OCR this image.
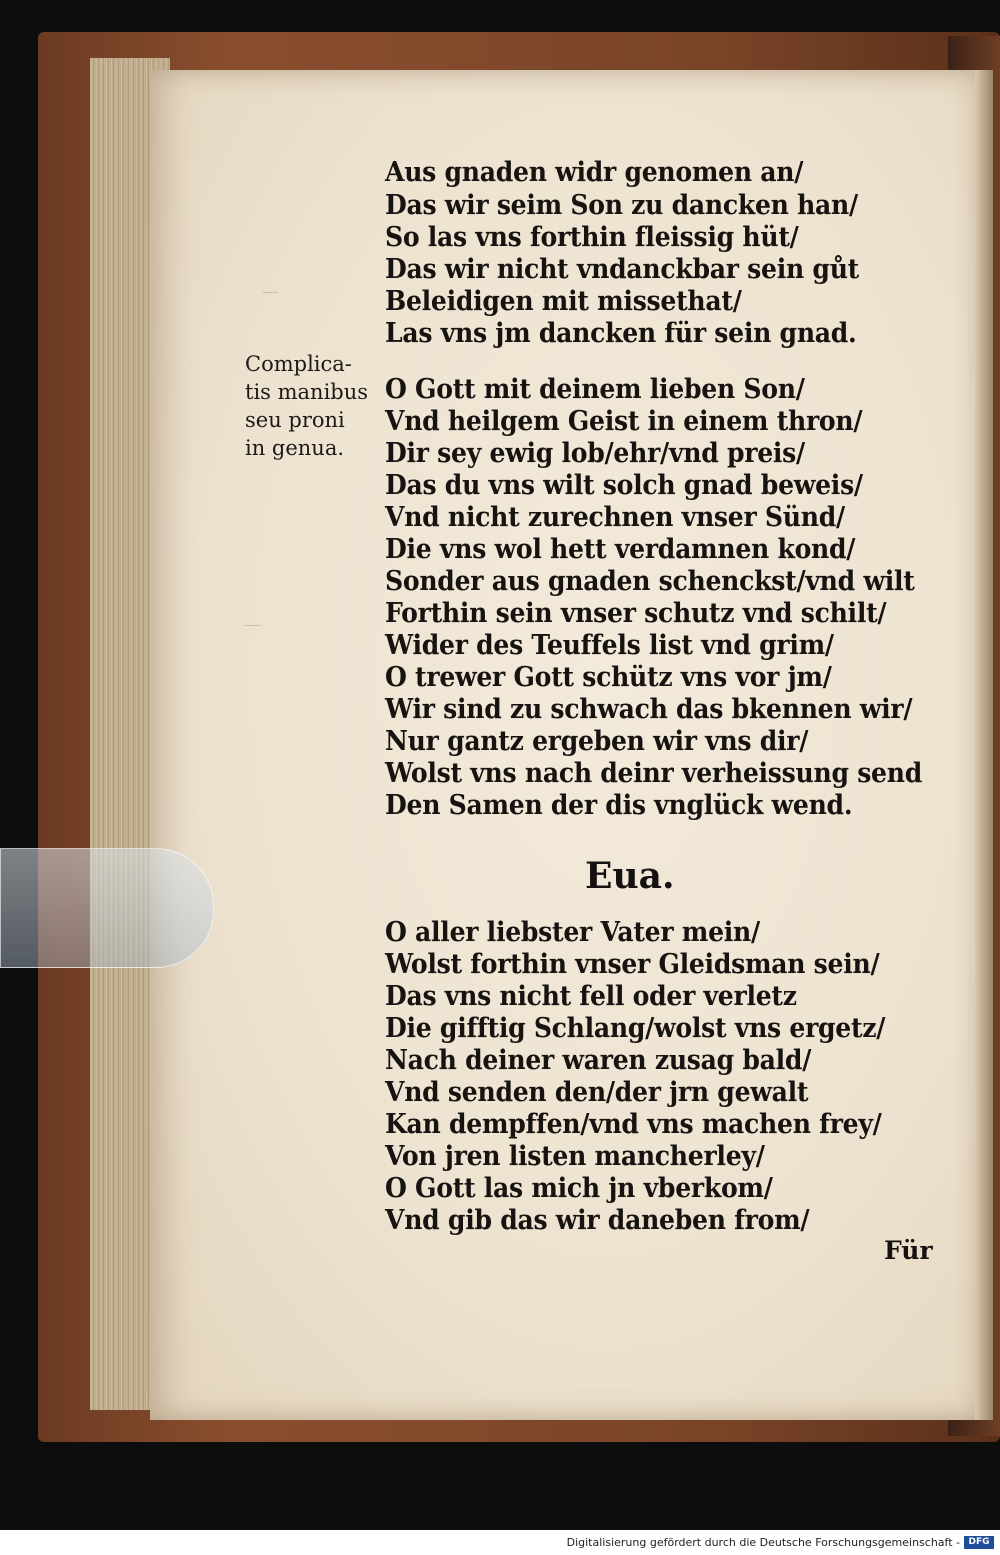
—
—
Complica-
tis manibus
seu proni
in genua.

Aus gnaden widr genomen an/

Das wir seim Son zu dancken han/

So las vns forthin fleissig hüt/

Das wir nicht vndanckbar sein gůt

Beleidigen mit missethat/

Las vns jm dancken für sein gnad.

O Gott mit deinem lieben Son/

Vnd heilgem Geist in einem thron/

Dir sey ewig lob/ehr/vnd preis/

Das du vns wilt solch gnad beweis/

Vnd nicht zurechnen vnser Sünd/

Die vns wol hett verdamnen kond/

Sonder aus gnaden schenckst/vnd wilt

Forthin sein vnser schutz vnd schilt/

Wider des Teuffels list vnd grim/

O trewer Gott schütz vns vor jm/

Wir sind zu schwach das bkennen wir/

Nur gantz ergeben wir vns dir/

Wolst vns nach deinr verheissung send

Den Samen der dis vnglück wend.

Eua.

O aller liebster Vater mein/

Wolst forthin vnser Gleidsman sein/

Das vns nicht fell oder verletz

Die gifftig Schlang/wolst vns ergetz/

Nach deiner waren zusag bald/

Vnd senden den/der jrn gewalt

Kan dempffen/vnd vns machen frey/

Von jren listen mancherley/

O Gott las mich jn vberkom/

Vnd gib das wir daneben from/

Für
Digitalisierung gefördert durch die Deutsche Forschungsgemeinschaft - DFG
